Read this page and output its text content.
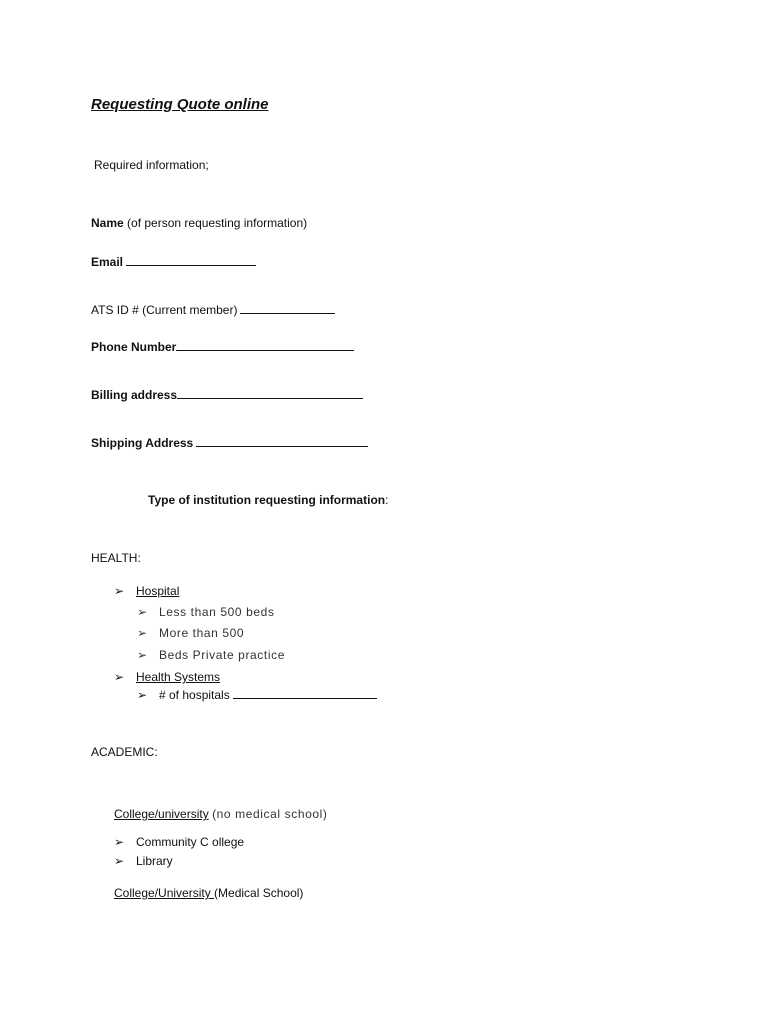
Requesting Quote online
Required information;
Name (of person requesting information)
Email
ATS ID # (Current member)
Phone Number
Billing address
Shipping Address
Type of institution requesting information:
HEALTH:
➢ Hospital
➢ Less than 500 beds
➢ More than 500
➢ Beds Private practice
➢ Health Systems
➢ # of hospitals
ACADEMIC:
College/university (no medical school)
➢ Community C ollege
➢ Library
College/University (Medical School)
